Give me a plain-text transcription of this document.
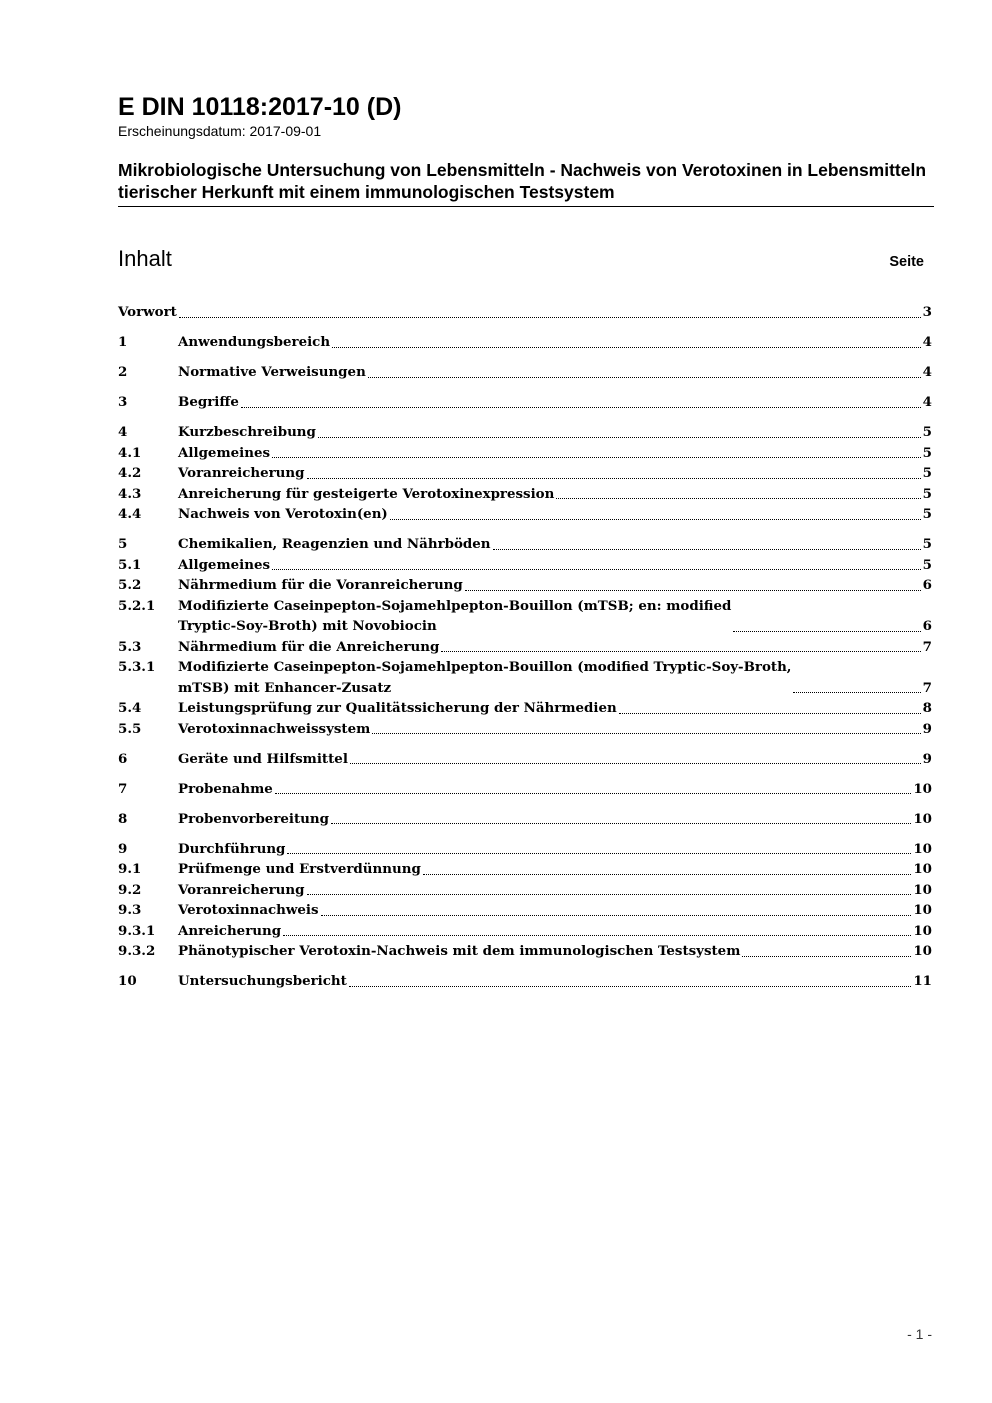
E DIN 10118:2017-10 (D)
Erscheinungsdatum: 2017-09-01
Mikrobiologische Untersuchung von Lebensmitteln - Nachweis von Verotoxinen in Lebensmitteln tierischer Herkunft mit einem immunologischen Testsystem
Inhalt	Seite
Vorwort	3
1	Anwendungsbereich	4
2	Normative Verweisungen	4
3	Begriffe	4
4	Kurzbeschreibung	5
4.1	Allgemeines	5
4.2	Voranreicherung	5
4.3	Anreicherung für gesteigerte Verotoxinexpression	5
4.4	Nachweis von Verotoxin(en)	5
5	Chemikalien, Reagenzien und Nährböden	5
5.1	Allgemeines	5
5.2	Nährmedium für die Voranreicherung	6
5.2.1	Modifizierte Caseinpepton-Sojamehlpepton-Bouillon (mTSB; en: modified
Tryptic-Soy-Broth) mit Novobiocin	6
5.3	Nährmedium für die Anreicherung	7
5.3.1	Modifizierte Caseinpepton-Sojamehlpepton-Bouillon (modified Tryptic-Soy-Broth,
mTSB) mit Enhancer-Zusatz	7
5.4	Leistungsprüfung zur Qualitätssicherung der Nährmedien	8
5.5	Verotoxinnachweissystem	9
6	Geräte und Hilfsmittel	9
7	Probenahme	10
8	Probenvorbereitung	10
9	Durchführung	10
9.1	Prüfmenge und Erstverdünnung	10
9.2	Voranreicherung	10
9.3	Verotoxinnachweis	10
9.3.1	Anreicherung	10
9.3.2	Phänotypischer Verotoxin-Nachweis mit dem immunologischen Testsystem	10
10	Untersuchungsbericht	11
- 1 -
